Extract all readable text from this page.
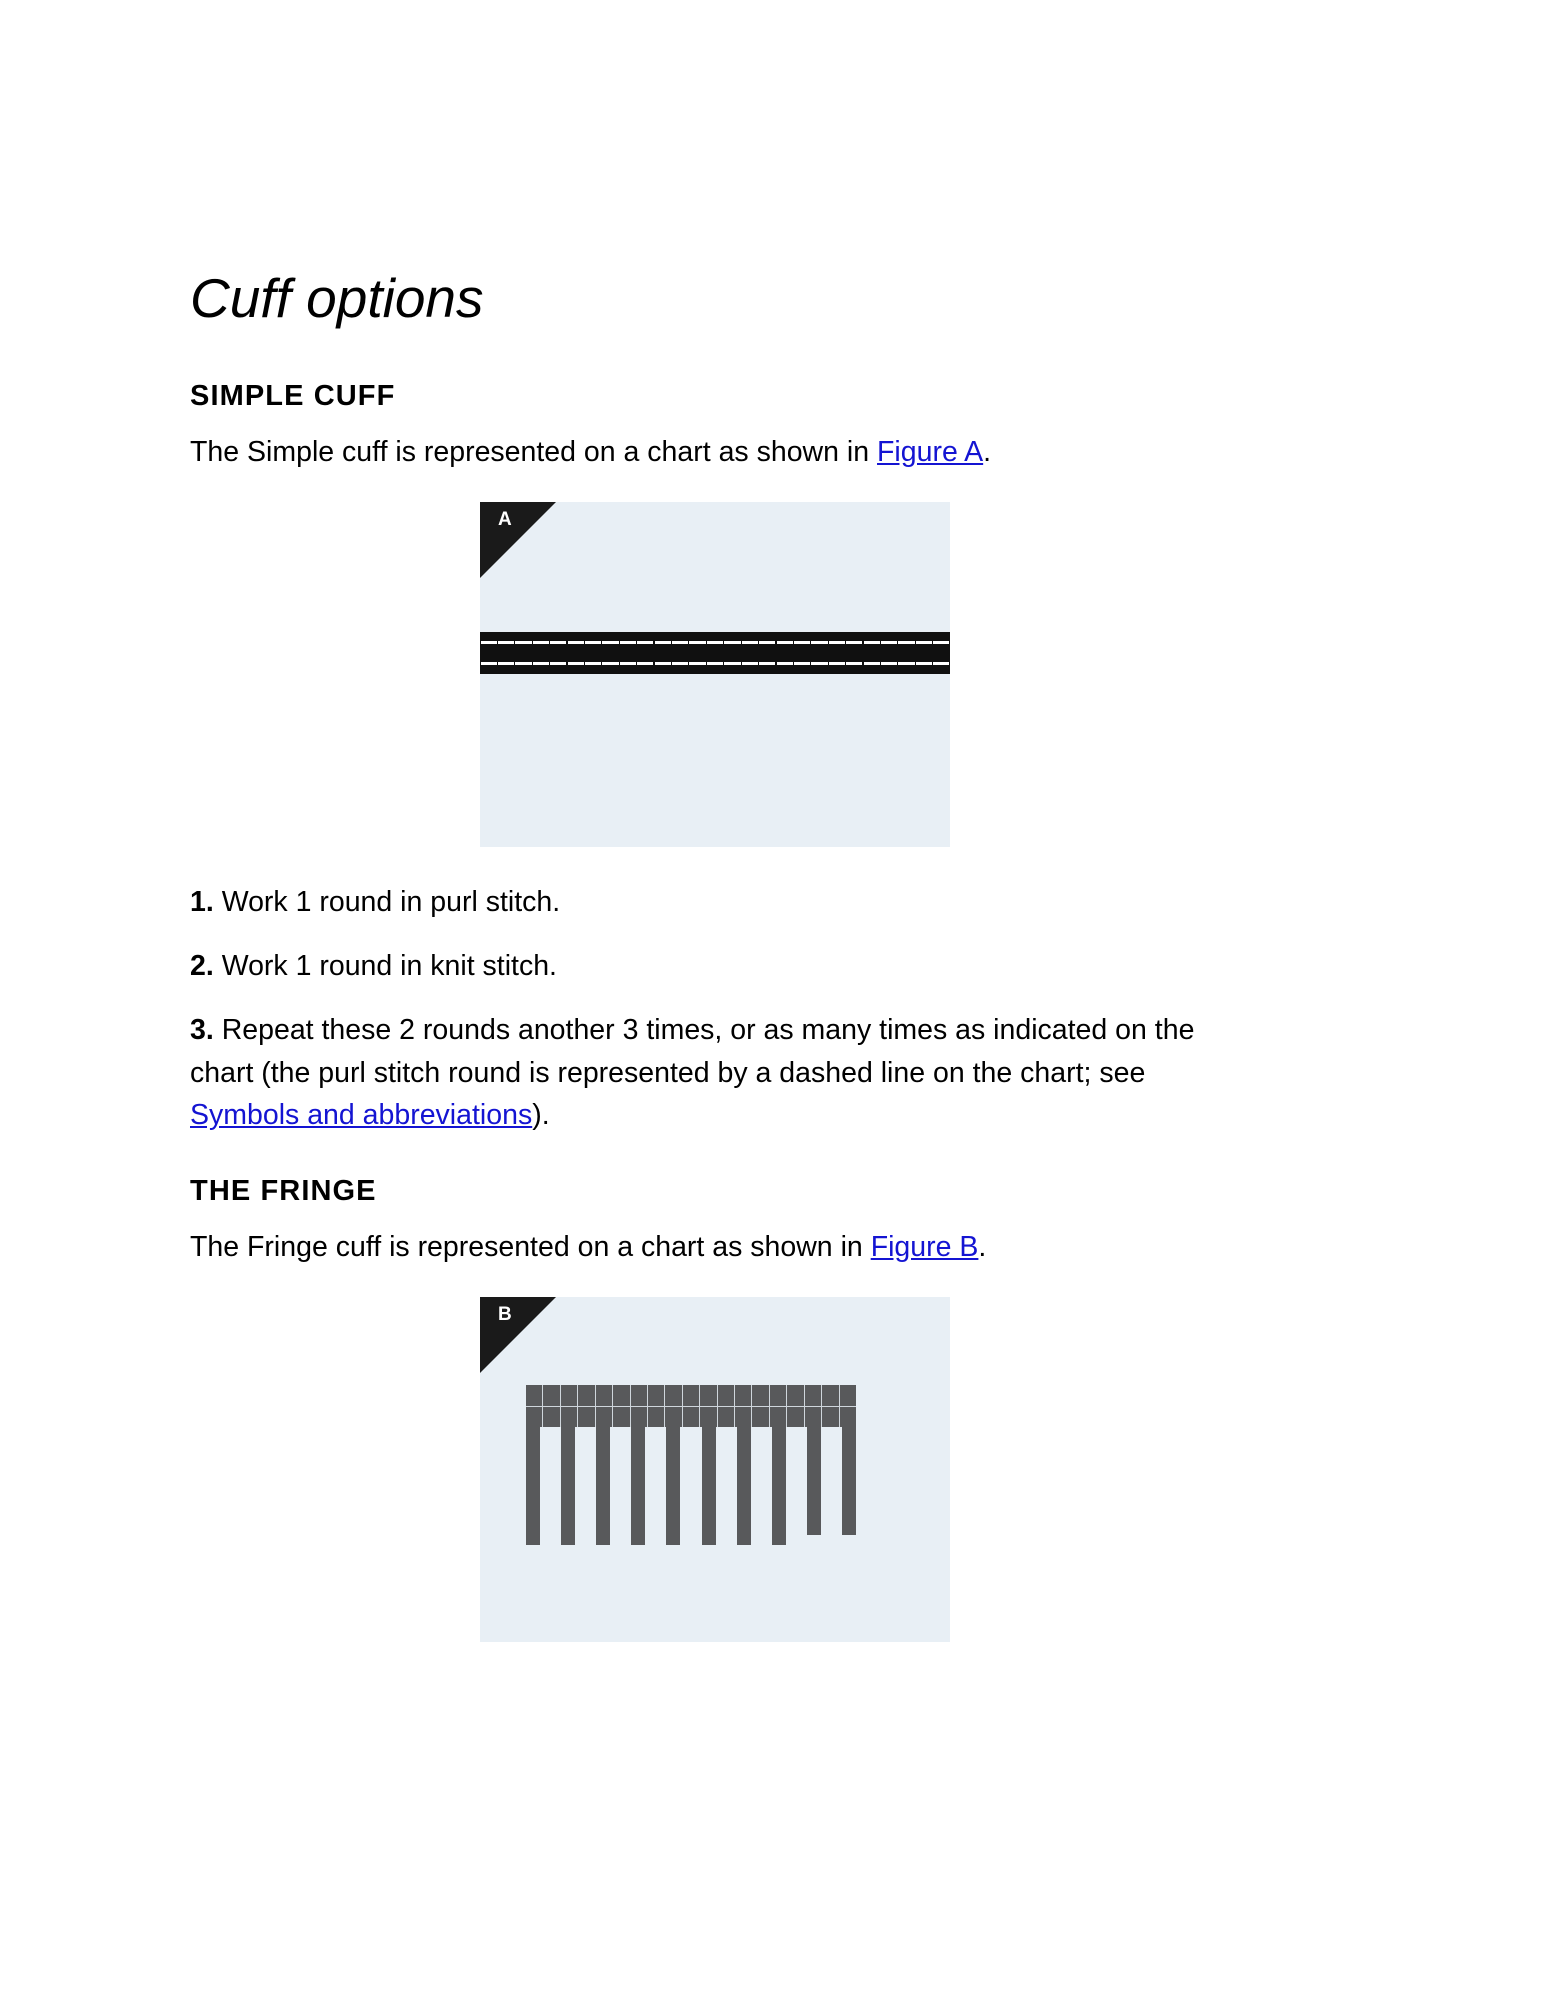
Cuff options
SIMPLE CUFF

The Simple cuff is represented on a chart as shown in Figure A.

A

1. Work 1 round in purl stitch.

2. Work 1 round in knit stitch.

3. Repeat these 2 rounds another 3 times, or as many times as indicated on the chart (the purl stitch round is represented by a dashed line on the chart; see Symbols and abbreviations).

THE FRINGE

The Fringe cuff is represented on a chart as shown in Figure B.

B
